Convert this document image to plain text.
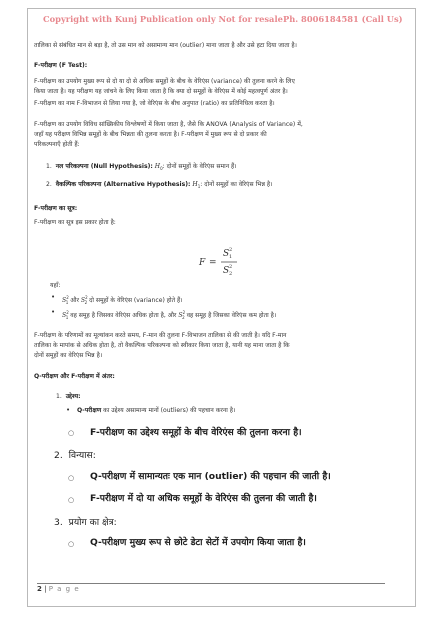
Copyright with Kunj Publication only Not for resale Ph. 8006184581 (Call Us)
तालिका से संबंधित मान से बड़ा है, तो उस मान को असामान्य मान (outlier) माना जाता है और उसे हटा दिया जाता है।
F-परीक्षण (F Test):
F-परीक्षण का उपयोग मुख्य रूप से दो या दो से अधिक समूहों के बीच के वेरिएंस (variance) की तुलना करने के लिए
किया जाता है। यह परीक्षण यह जांचने के लिए किया जाता है कि क्या दो समूहों के वेरिएंस में कोई महत्वपूर्ण अंतर है।
F-परीक्षण का नाम F-विभाजन से लिया गया है, जो वेरिएंस के बीच अनुपात (ratio) का प्रतिनिधित्व करता है।
F-परीक्षण का उपयोग विविध सांख्यिकीय विश्लेषणों में किया जाता है, जैसे कि ANOVA (Analysis of Variance) में,
जहाँ यह परीक्षण विभिन्न समूहों के बीच भिन्नता की तुलना करता है। F-परीक्षण में मुख्य रूप से दो प्रकार की
परिकल्पनाएँ होती हैं:
1. नल परिकल्पना (Null Hypothesis): $H_0$: दोनों समूहों के वेरिएंस समान हैं।
2. वैकल्पिक परिकल्पना (Alternative Hypothesis): $H_1$: दोनों समूहों का वेरिएंस भिन्न है।
F-परीक्षण का सूत्र:
F-परीक्षण का सूत्र इस प्रकार होता है:
F =
S 2
1
S 2
2
यहाँ:
• $S^2_1$ और $S^2_2$ दो समूहों के वेरिएंस (variance) होते हैं।
• $S^2_1$ वह समूह है जिसका वेरिएंस अधिक होता है, और $S^2_2$ वह समूह है जिसका वेरिएंस कम होता है।
F-परीक्षण के परिणामों का मूल्यांकन करते समय, F-मान की तुलना F-विभाजन तालिका से की जाती है। यदि F-मान
तालिका के मापांक से अधिक होता है, तो वैकल्पिक परिकल्पना को स्वीकार किया जाता है, यानी यह माना जाता है कि
दोनों समूहों का वेरिएंस भिन्न है।
Q-परीक्षण और F-परीक्षण में अंतर:
1. उद्देश्य:
• Q-परीक्षण का उद्देश्य असामान्य मानों (outliers) की पहचान करना है।
○ F-परीक्षण का उद्देश्य समूहों के बीच वेरिएंस की तुलना करना है।
2. विन्यास:
○ Q-परीक्षण में सामान्यतः एक मान (outlier) की पहचान की जाती है।
○ F-परीक्षण में दो या अधिक समूहों के वेरिएंस की तुलना की जाती है।
3. प्रयोग का क्षेत्र:
○ Q-परीक्षण मुख्य रूप से छोटे डेटा सेटों में उपयोग किया जाता है।
2 | P a g e
